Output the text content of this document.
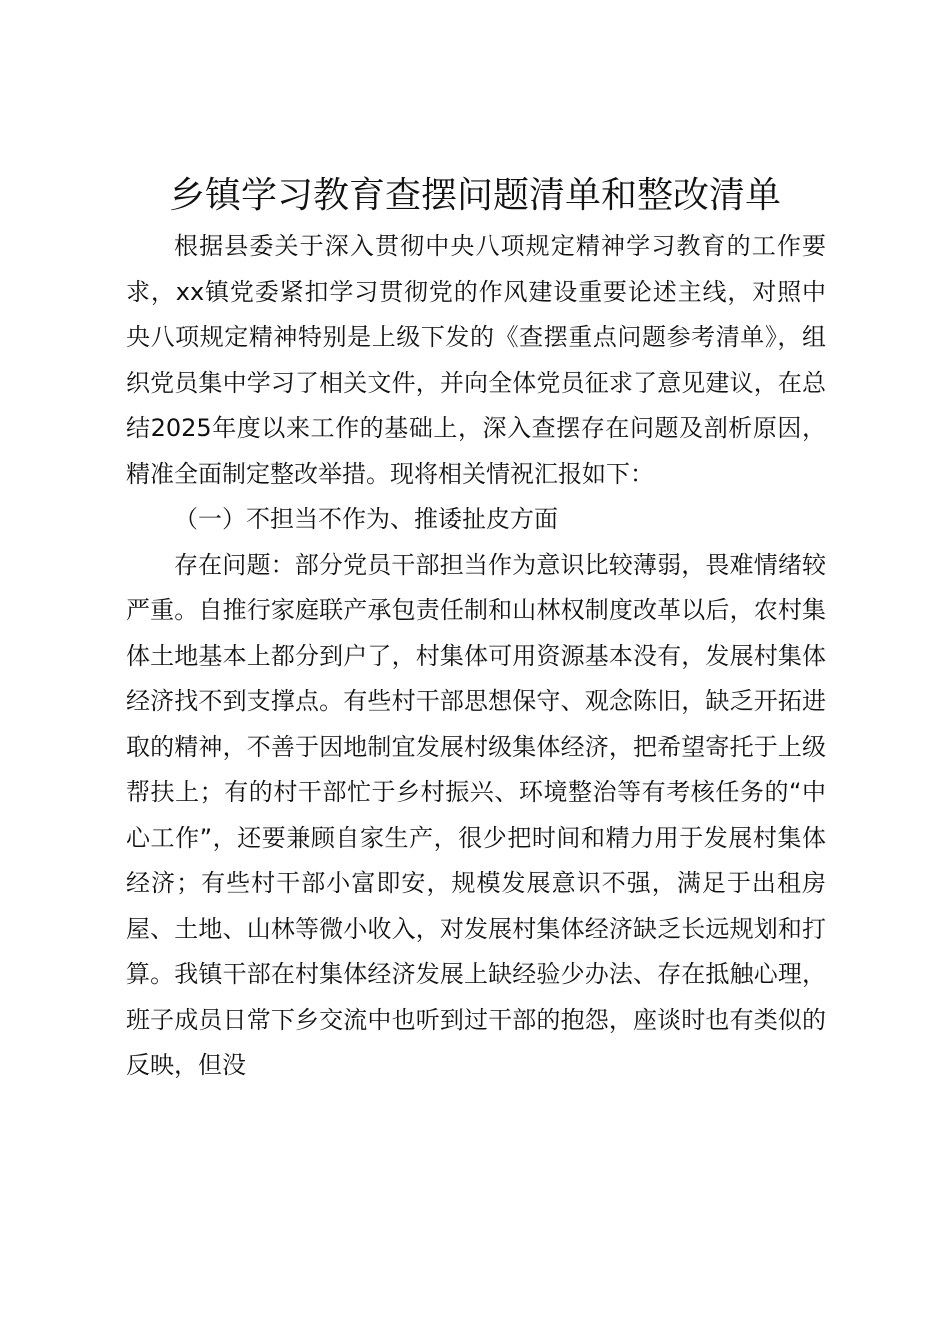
乡镇学习教育查摆问题清单和整改清单

根据县委关于深入贯彻中央八项规定精神学习教育的工作要求，xx镇党委紧扣学习贯彻党的作风建设重要论述主线，对照中央八项规定精神特别是上级下发的《查摆重点问题参考清单》，组织党员集中学习了相关文件，并向全体党员征求了意见建议，在总结2025年度以来工作的基础上，深入查摆存在问题及剖析原因，精准全面制定整改举措。现将相关情祝汇报如下：

（一）不担当不作为、推诿扯皮方面

存在问题：部分党员干部担当作为意识比较薄弱，畏难情绪较严重。自推行家庭联产承包责任制和山林权制度改革以后，农村集体土地基本上都分到户了，村集体可用资源基本没有，发展村集体经济找不到支撑点。有些村干部思想保守、观念陈旧，缺乏开拓进取的精神，不善于因地制宜发展村级集体经济，把希望寄托于上级帮扶上；有的村干部忙于乡村振兴、环境整治等有考核任务的“中心工作”，还要兼顾自家生产，很少把时间和精力用于发展村集体经济；有些村干部小富即安，规模发展意识不强，满足于出租房屋、土地、山林等微小收入，对发展村集体经济缺乏长远规划和打算。我镇干部在村集体经济发展上缺经验少办法、存在抵触心理，班子成员日常下乡交流中也听到过干部的抱怨，座谈时也有类似的反映，但没
